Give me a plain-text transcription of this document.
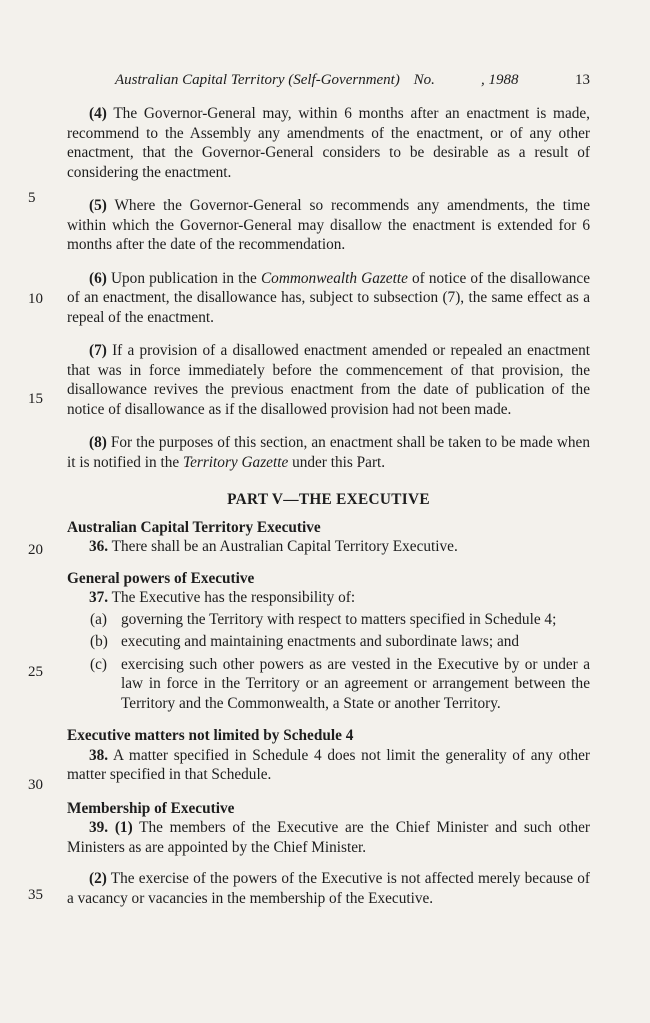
Australian Capital Territory (Self-Government) No.	, 1988	13
5
10
15
20
25
30
35

(4) The Governor-General may, within 6 months after an enactment is made, recommend to the Assembly any amendments of the enactment, or of any other enactment, that the Governor-General considers to be desirable as a result of considering the enactment.

(5) Where the Governor-General so recommends any amendments, the time within which the Governor-General may disallow the enactment is extended for 6 months after the date of the recommendation.

(6) Upon publication in the Commonwealth Gazette of notice of the disallowance of an enactment, the disallowance has, subject to subsection (7), the same effect as a repeal of the enactment.

(7) If a provision of a disallowed enactment amended or repealed an enactment that was in force immediately before the commencement of that provision, the disallowance revives the previous enactment from the date of publication of the notice of disallowance as if the disallowed provision had not been made.

(8) For the purposes of this section, an enactment shall be taken to be made when it is notified in the Territory Gazette under this Part.

PART V—THE EXECUTIVE

Australian Capital Territory Executive

36. There shall be an Australian Capital Territory Executive.

General powers of Executive

37. The Executive has the responsibility of:

(a) governing the Territory with respect to matters specified in Schedule 4;
(b) executing and maintaining enactments and subordinate laws; and
(c) exercising such other powers as are vested in the Executive by or under a law in force in the Territory or an agreement or arrangement between the Territory and the Commonwealth, a State or another Territory.

Executive matters not limited by Schedule 4

38. A matter specified in Schedule 4 does not limit the generality of any other matter specified in that Schedule.

Membership of Executive

39. (1) The members of the Executive are the Chief Minister and such other Ministers as are appointed by the Chief Minister.

(2) The exercise of the powers of the Executive is not affected merely because of a vacancy or vacancies in the membership of the Executive.
